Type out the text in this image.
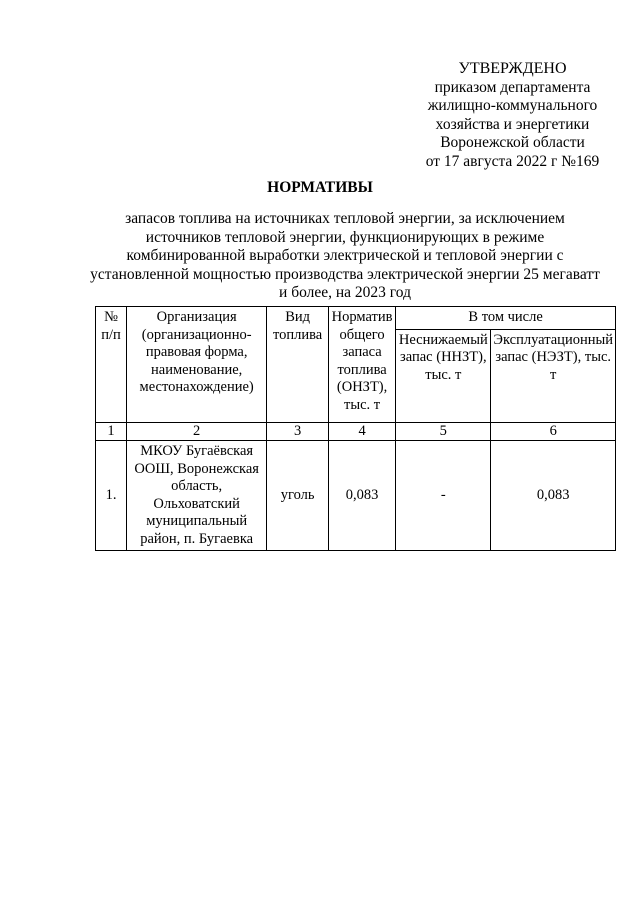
УТВЕРЖДЕНО
приказом департамента
жилищно-коммунального
хозяйства и энергетики
Воронежской области
от 17 августа 2022 г №169
НОРМАТИВЫ
запасов топлива на источниках тепловой энергии, за исключением
источников тепловой энергии, функционирующих в режиме
комбинированной выработки электрической и тепловой энергии с
установленной мощностью производства электрической энергии 25 мегаватт
и более, на 2023 год
№ п/п	Организация (организационно-правовая форма, наименование, местонахождение)	Вид топлива	Норматив общего запаса топлива (ОНЗТ), тыс. т	В том числе	
				Неснижаемый запас (ННЗТ), тыс. т	Эксплуатационный запас (НЭЗТ), тыс. т
1	2	3	4	5	6
1.	МКОУ Бугаёвская ООШ, Воронежская область, Ольховатский муниципальный район, п. Бугаевка	уголь	0,083	-	0,083
